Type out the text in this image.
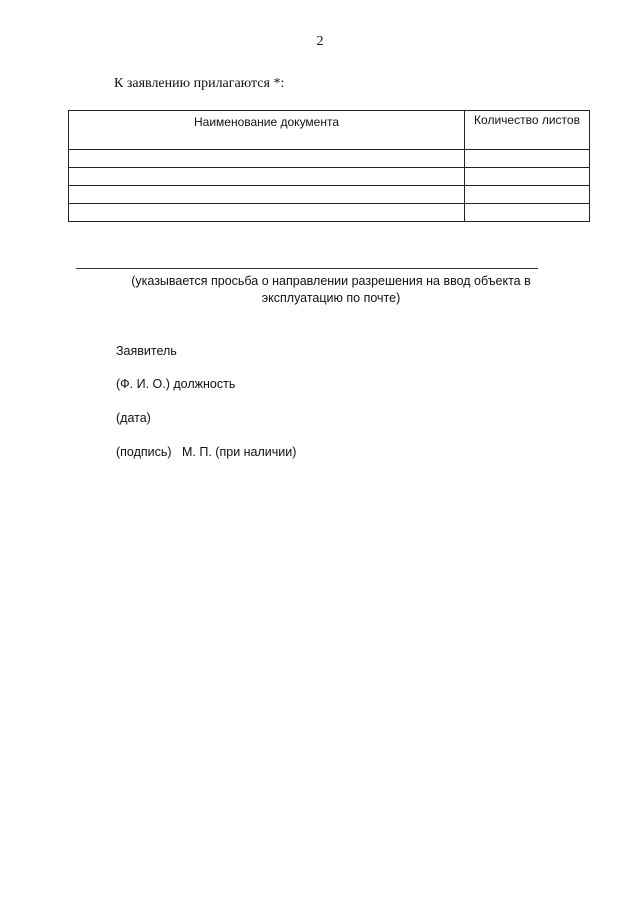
2
К заявлению прилагаются *:
Наименование документа	Количество листов

(указывается просьба о направлении разрешения на ввод объекта в эксплуатацию по почте)
Заявитель
(Ф. И. О.) должность
(дата)
(подпись) М. П. (при наличии)
